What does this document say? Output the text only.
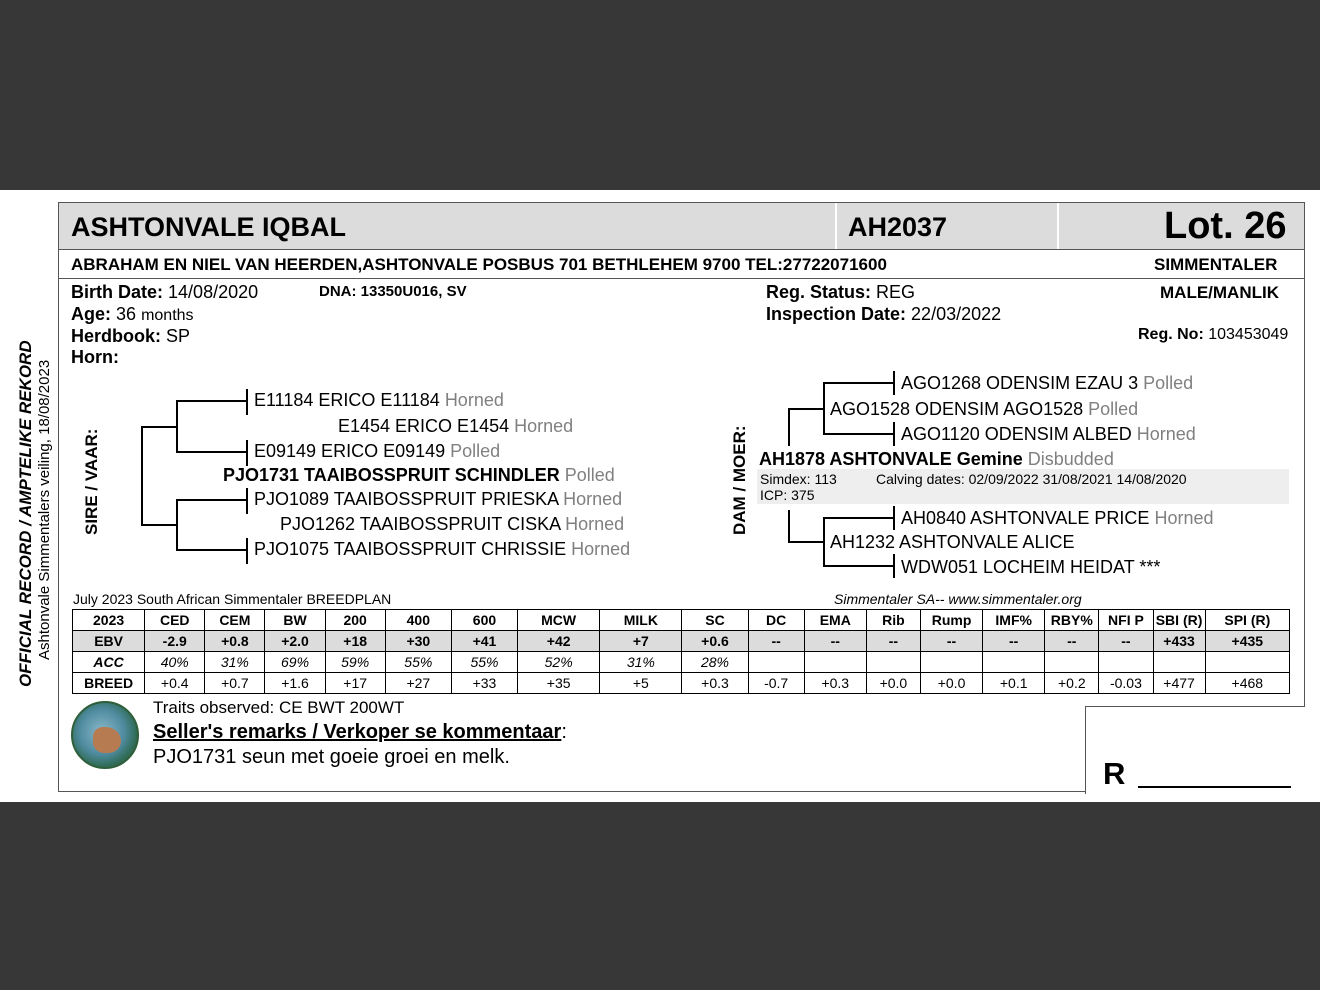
ASHTONVALE IQBAL	AH2037	Lot. 26
ABRAHAM EN NIEL VAN HEERDEN,ASHTONVALE POSBUS 701 BETHLEHEM 9700 TEL:27722071600	SIMMENTALER
OFFICIAL RECORD / AMPTELIKE REKORD Ashtonvale Simmentalers veiling, 18/08/2023
Birth Date: 14/08/2020	DNA: 13350U016, SV
Age: 36 months
Herdbook: SP
Horn:
Reg. Status: REG
Inspection Date: 22/03/2022
MALE/MANLIK
Reg. No: 103453049
SIRE / VAAR:
E11184 ERICO E11184 Horned
E1454 ERICO E1454 Horned
E09149 ERICO E09149 Polled
PJO1731 TAAIBOSSPRUIT SCHINDLER Polled
PJO1089 TAAIBOSSPRUIT PRIESKA Horned
PJO1262 TAAIBOSSPRUIT CISKA Horned
PJO1075 TAAIBOSSPRUIT CHRISSIE Horned
DAM / MOER:
AGO1268 ODENSIM EZAU 3 Polled
AGO1528 ODENSIM AGO1528 Polled
AGO1120 ODENSIM ALBED Horned
AH1878 ASHTONVALE Gemine Disbudded
Simdex: 113	Calving dates: 02/09/2022 31/08/2021 14/08/2020
ICP: 375
AH0840 ASHTONVALE PRICE Horned
AH1232 ASHTONVALE ALICE
WDW051 LOCHEIM HEIDAT ***
July 2023 South African Simmentaler BREEDPLAN	Simmentaler SA-- www.simmentaler.org
2023	CED	CEM	BW	200	400	600	MCW	MILK	SC	DC	EMA	Rib	Rump	IMF%	RBY%	NFI P	SBI (R)	SPI (R)
EBV	-2.9	+0.8	+2.0	+18	+30	+41	+42	+7	+0.6	--	--	--	--	--	--	--	+433	+435
ACC	40%	31%	69%	59%	55%	55%	52%	31%	28%									
BREED	+0.4	+0.7	+1.6	+17	+27	+33	+35	+5	+0.3	-0.7	+0.3	+0.0	+0.0	+0.1	+0.2	-0.03	+477	+468
Traits observed: CE BWT 200WT
Seller's remarks / Verkoper se kommentaar:
PJO1731 seun met goeie groei en melk.	R
